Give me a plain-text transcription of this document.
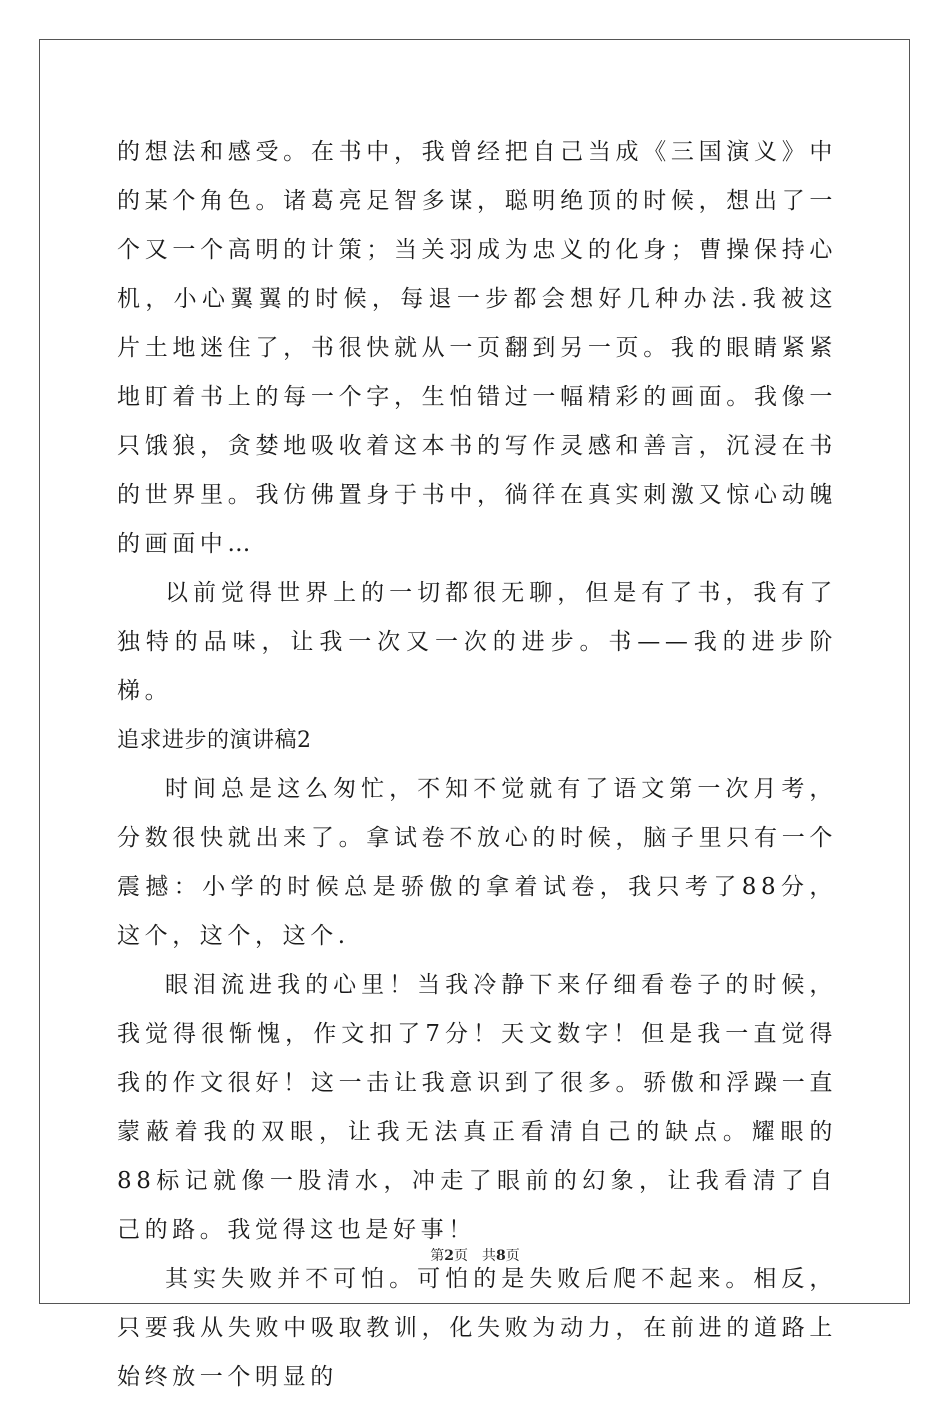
的想法和感受。在书中，我曾经把自己当成《三国演义》中的某个角色。诸葛亮足智多谋，聪明绝顶的时候，想出了一个又一个高明的计策；当关羽成为忠义的化身；曹操保持心机，小心翼翼的时候，每退一步都会想好几种办法.我被这片土地迷住了，书很快就从一页翻到另一页。我的眼睛紧紧地盯着书上的每一个字，生怕错过一幅精彩的画面。我像一只饿狼，贪婪地吸收着这本书的写作灵感和善言，沉浸在书的世界里。我仿佛置身于书中，徜徉在真实刺激又惊心动魄的画面中…

以前觉得世界上的一切都很无聊，但是有了书，我有了独特的品味，让我一次又一次的进步。书——我的进步阶梯。

追求进步的演讲稿2

时间总是这么匆忙，不知不觉就有了语文第一次月考，分数很快就出来了。拿试卷不放心的时候，脑子里只有一个震撼：小学的时候总是骄傲的拿着试卷，我只考了88分，这个，这个，这个.

眼泪流进我的心里！当我冷静下来仔细看卷子的时候，我觉得很惭愧，作文扣了7分！天文数字！但是我一直觉得我的作文很好！这一击让我意识到了很多。骄傲和浮躁一直蒙蔽着我的双眼，让我无法真正看清自己的缺点。耀眼的88标记就像一股清水，冲走了眼前的幻象，让我看清了自己的路。我觉得这也是好事！

其实失败并不可怕。可怕的是失败后爬不起来。相反，只要我从失败中吸取教训，化失败为动力，在前进的道路上始终放一个明显的

第2页 共8页
